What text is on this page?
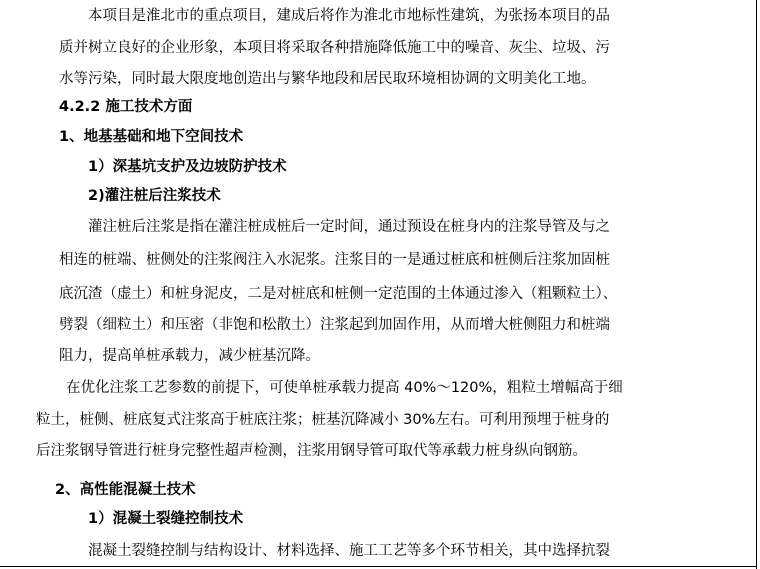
本项目是淮北市的重点项目，建成后将作为淮北市地标性建筑，为张扬本项目的品
质并树立良好的企业形象，本项目将采取各种措施降低施工中的噪音、灰尘、垃圾、污
水等污染，同时最大限度地创造出与繁华地段和居民取环境相协调的文明美化工地。
4.2.2 施工技术方面
1、地基基础和地下空间技术
1）深基坑支护及边坡防护技术
2)灌注桩后注浆技术
灌注桩后注浆是指在灌注桩成桩后一定时间，通过预设在桩身内的注浆导管及与之
相连的桩端、桩侧处的注浆阀注入水泥浆。注浆目的一是通过桩底和桩侧后注浆加固桩
底沉渣（虚土）和桩身泥皮，二是对桩底和桩侧一定范围的土体通过渗入（粗颗粒土）、
劈裂（细粒土）和压密（非饱和松散土）注浆起到加固作用，从而增大桩侧阻力和桩端
阻力，提高单桩承载力，减少桩基沉降。
在优化注浆工艺参数的前提下，可使单桩承载力提高 40%～120%，粗粒土增幅高于细
粒土，桩侧、桩底复式注浆高于桩底注浆；桩基沉降减小 30%左右。可利用预埋于桩身的
后注浆钢导管进行桩身完整性超声检测，注浆用钢导管可取代等承载力桩身纵向钢筋。
2、高性能混凝土技术
1）混凝土裂缝控制技术
混凝土裂缝控制与结构设计、材料选择、施工工艺等多个环节相关，其中选择抗裂
